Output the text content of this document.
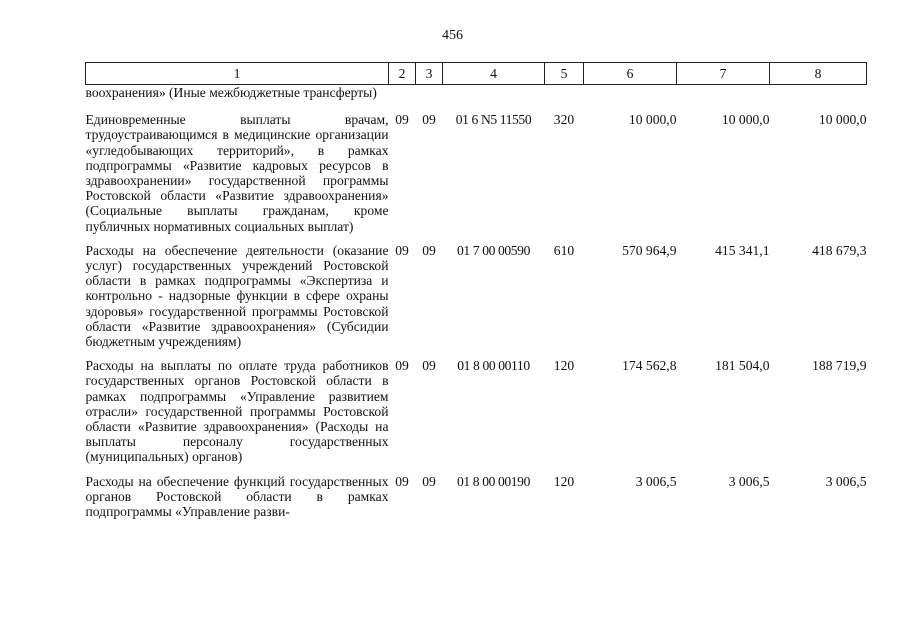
456
1	2	3	4	5	6	7	8
воохранения» (Иные межбюджетные трансферты)							
Единовременные выплаты врачам, трудоустраивающимся в медицинские организации «угледобывающих территорий», в рамках подпрограммы «Развитие кадровых ресурсов в здравоохранении» государственной программы Ростовской области «Развитие здравоохранения» (Социальные выплаты гражданам, кроме публичных нормативных социальных выплат)	09	09	01 6 N5 11550	320	10 000,0	10 000,0	10 000,0
Расходы на обеспечение деятельности (оказание услуг) государственных учреждений Ростовской области в рамках подпрограммы «Экспертиза и контрольно - надзорные функции в сфере охраны здоровья» государственной программы Ростовской области «Развитие здравоохранения» (Субсидии бюджетным учреждениям)	09	09	01 7 00 00590	610	570 964,9	415 341,1	418 679,3
Расходы на выплаты по оплате труда работников государственных органов Ростовской области в рамках подпрограммы «Управление развитием отрасли» государственной программы Ростовской области «Развитие здравоохранения» (Расходы на выплаты персоналу государственных (муниципальных) органов)	09	09	01 8 00 00110	120	174 562,8	181 504,0	188 719,9
Расходы на обеспечение функций государственных органов Ростовской области в рамках подпрограммы «Управление разви-	09	09	01 8 00 00190	120	3 006,5	3 006,5	3 006,5
